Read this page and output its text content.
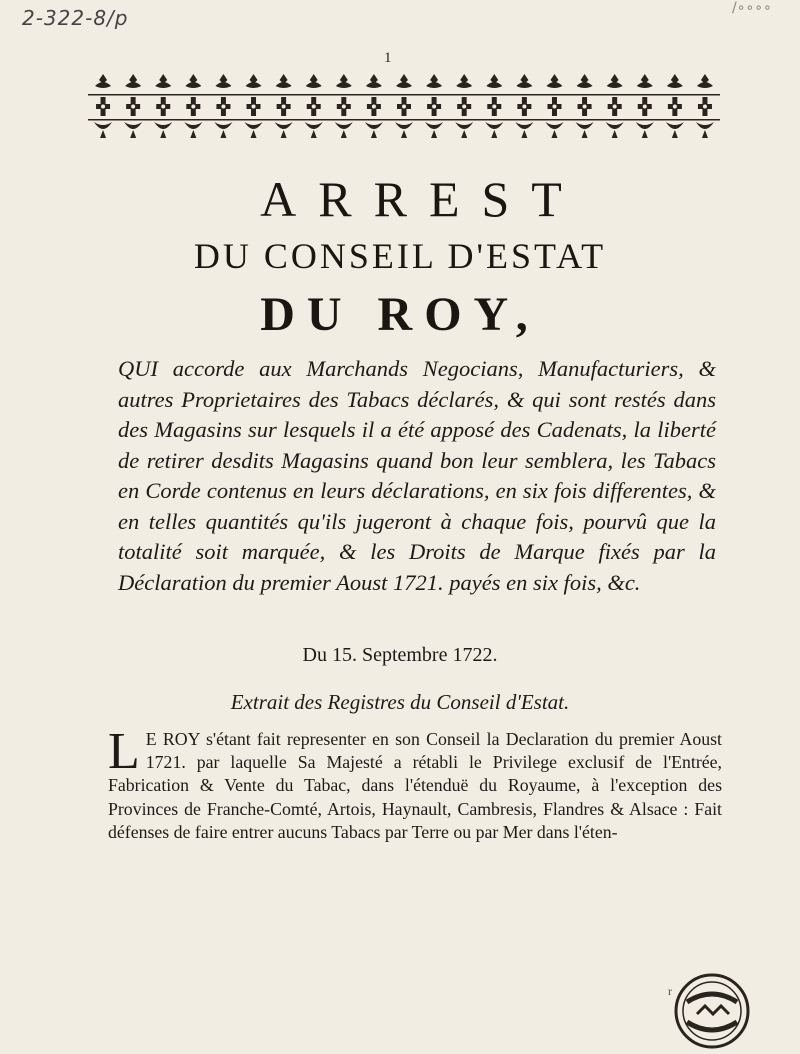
2-322-8/p	/∘∘∘∘
1
ARREST
DU CONSEIL D'ESTAT
DU ROY,
QUI accorde aux Marchands Negocians, Manufacturiers, & autres Proprietaires des Tabacs déclarés, & qui sont restés dans des Magasins sur lesquels il a été apposé des Cadenats, la liberté de retirer desdits Magasins quand bon leur semblera, les Tabacs en Corde contenus en leurs déclarations, en six fois differentes, & en telles quantités qu'ils jugeront à chaque fois, pourvû que la totalité soit marquée, & les Droits de Marque fixés par la Déclaration du premier Aoust 1721. payés en six fois, &c.
Du 15. Septembre 1722.
Extrait des Registres du Conseil d'Estat.
L E ROY s'étant fait representer en son Conseil la Declaration du premier Aoust 1721. par laquelle Sa Majesté a rétabli le Privilege exclusif de l'Entrée, Fabrication & Vente du Tabac, dans l'étenduë du Royaume, à l'exception des Provinces de Franche-Comté, Artois, Haynault, Cambresis, Flandres & Alsace : Fait défenses de faire entrer aucuns Tabacs par Terre ou par Mer dans l'éten-
r
